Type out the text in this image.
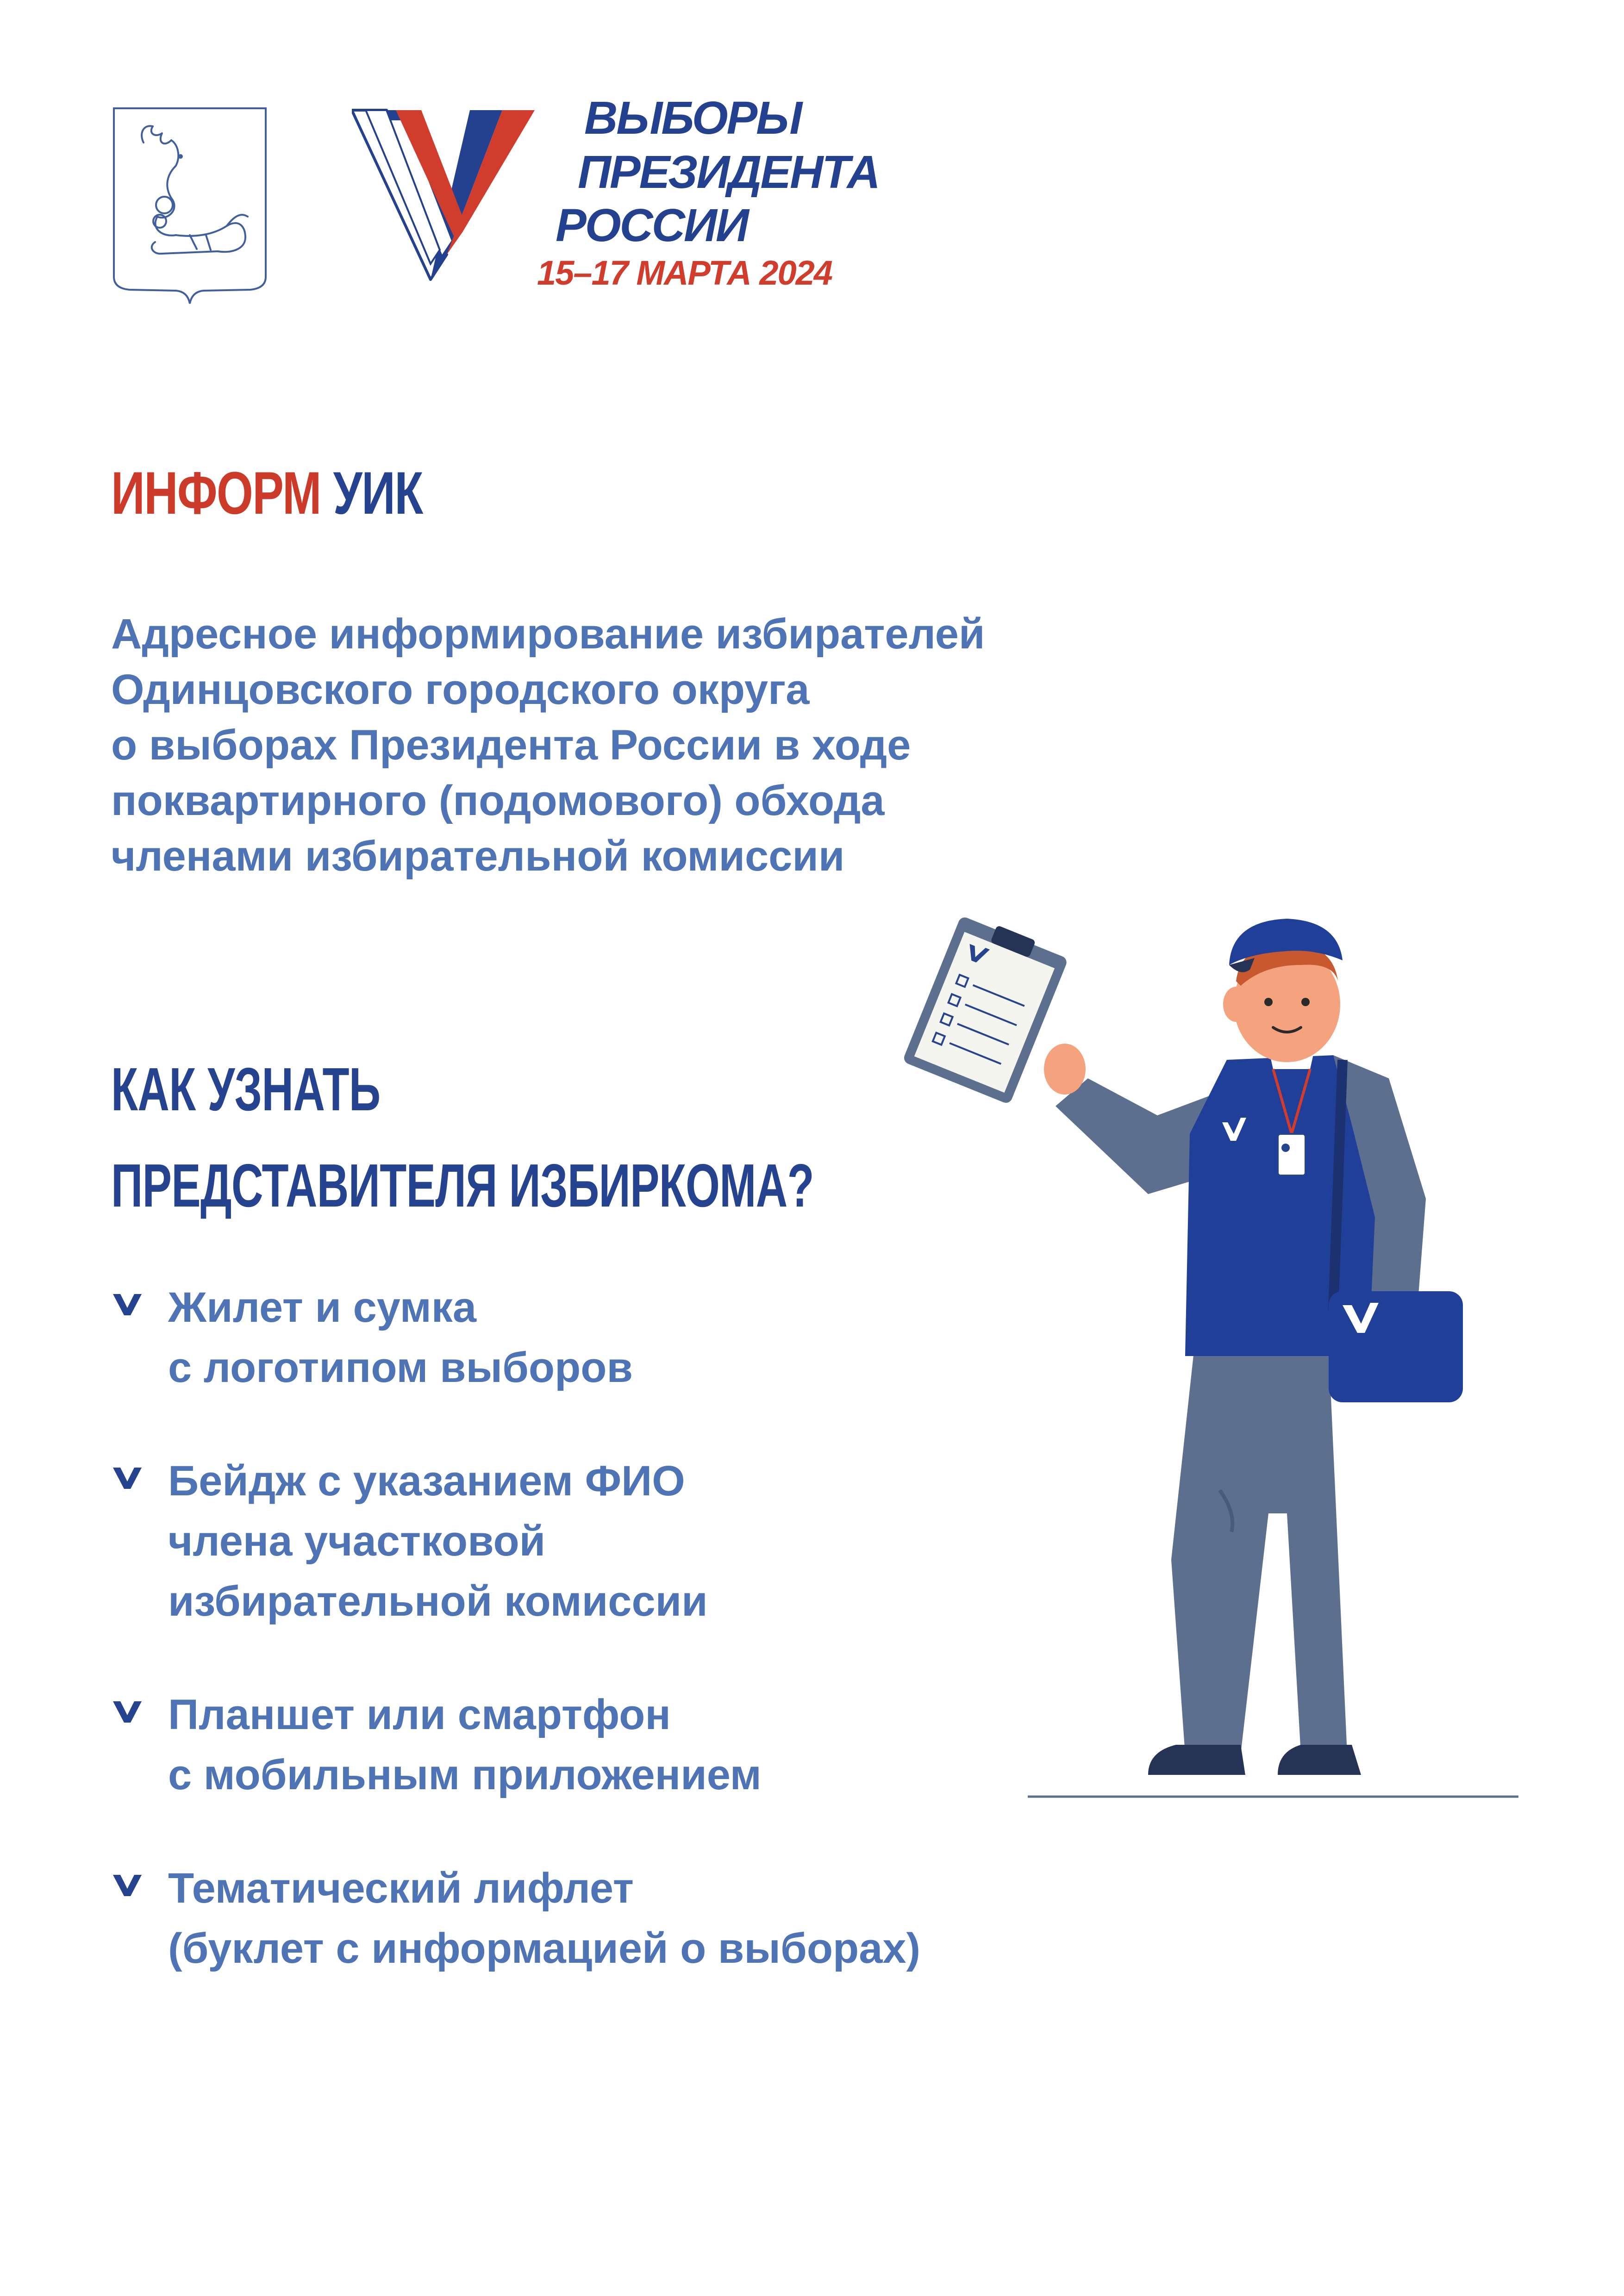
ВЫБОРЫ
ПРЕЗИДЕНТА
РОССИИ
15–17 МАРТА 2024
ИНФОРМ УИК
Адресное информирование избирателей
Одинцовского городского округа
о выборах Президента России в ходе
поквартирного (подомового) обхода
членами избирательной комиссии
КАК УЗНАТЬ
ПРЕДСТАВИТЕЛЯ ИЗБИРКОМА?
Жилет и сумка
с логотипом выборов
Бейдж с указанием ФИО
члена участковой
избирательной комиссии
Планшет или смартфон
с мобильным приложением
Тематический лифлет
(буклет с информацией о выборах)
